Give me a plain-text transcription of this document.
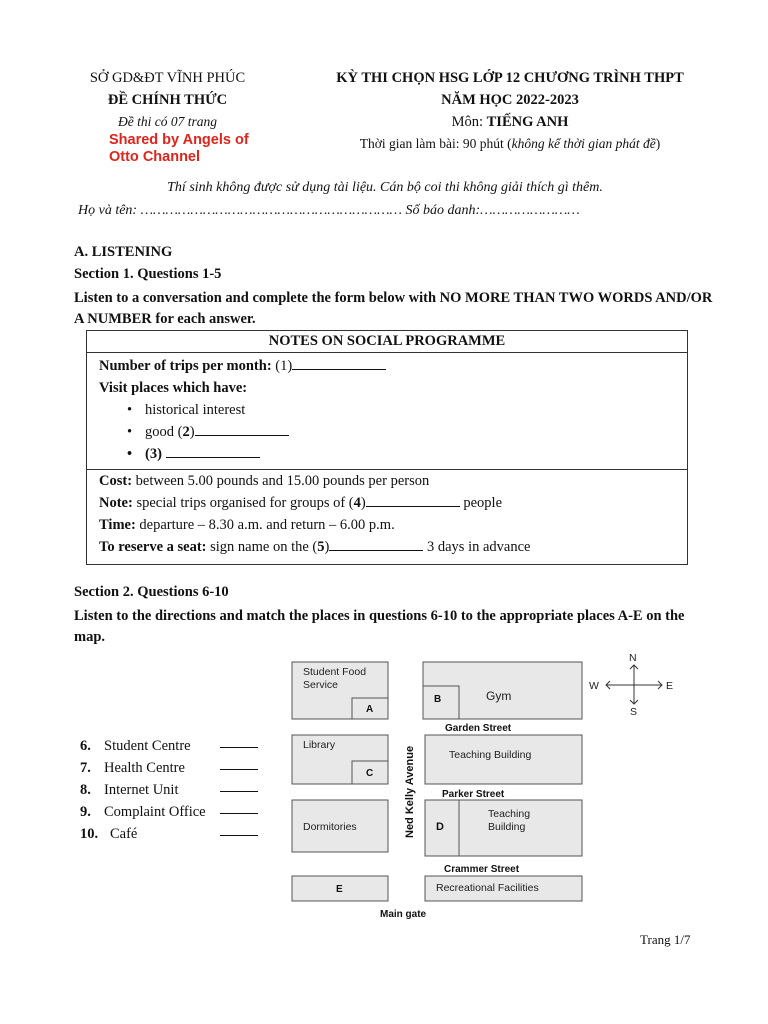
SỞ GD&ĐT VĨNH PHÚC
ĐỀ CHÍNH THỨC
Đề thi có 07 trang
Shared by Angels of
Otto Channel
KỲ THI CHỌN HSG LỚP 12 CHƯƠNG TRÌNH THPT
NĂM HỌC 2022-2023
Môn: TIẾNG ANH
Thời gian làm bài: 90 phút (không kể thời gian phát đề)
Thí sinh không được sử dụng tài liệu. Cán bộ coi thi không giải thích gì thêm.
Họ và tên: ……………………………………………………… Số báo danh:……………………
A. LISTENING
Section 1. Questions 1-5
Listen to a conversation and complete the form below with NO MORE THAN TWO WORDS AND/OR A NUMBER for each answer.
NOTES ON SOCIAL PROGRAMME

Number of trips per month: (1)
Visit places which have:
• historical interest
• good (2)
• (3)

Cost: between 5.00 pounds and 15.00 pounds per person
Note: special trips organised for groups of (4)	people
Time: departure – 8.30 a.m. and return – 6.00 p.m.
To reserve a seat: sign name on the (5)	3 days in advance
Section 2. Questions 6-10
Listen to the directions and match the places in questions 6-10 to the appropriate places A-E on the map.
6. Student Centre
7. Health Centre
8. Internet Unit
9. Complaint Office
10. Café
Student Food
Service
A
B	Gym
Garden Street
Library
C
Teaching Building
Ned Kelly Avenue	Parker Street
Dormitories	D
Teaching
Building
Crammer Street
E	Recreational Facilities
Main gate
N
S
W	E
Trang 1/7
